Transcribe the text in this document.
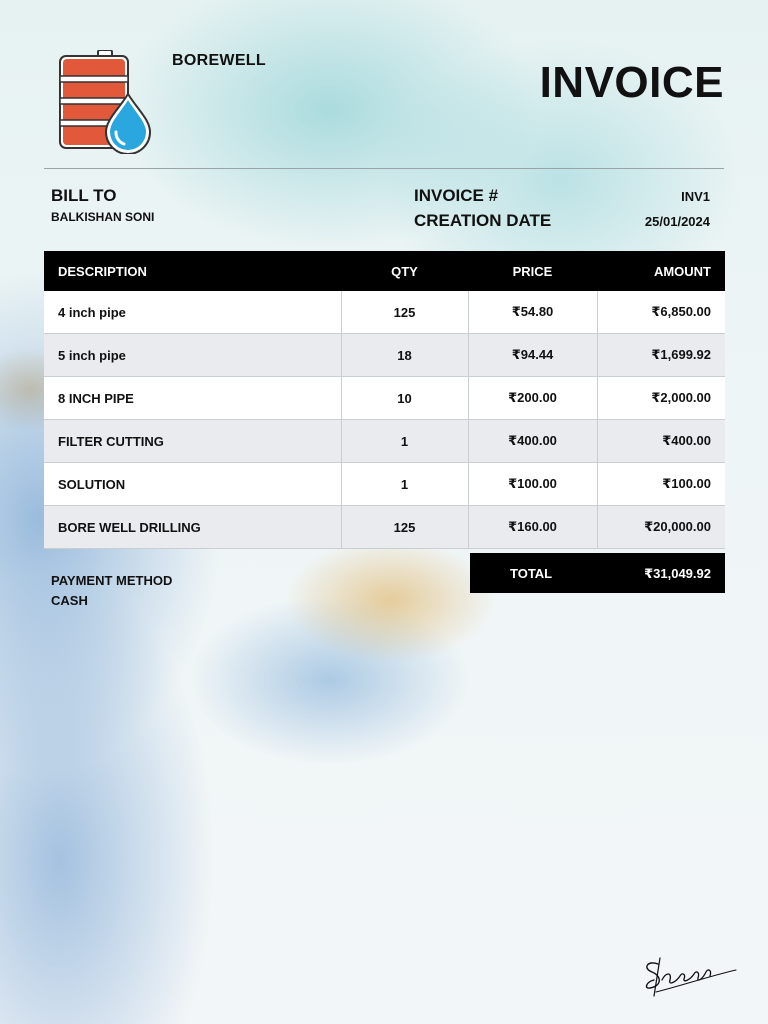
BOREWELL	INVOICE
BILL TO
BALKISHAN SONI
INVOICE #	INV1
CREATION DATE	25/01/2024
DESCRIPTION	QTY	PRICE	AMOUNT
4 inch pipe	125	₹54.80	₹6,850.00
5 inch pipe	18	₹94.44	₹1,699.92
8 INCH PIPE	10	₹200.00	₹2,000.00
FILTER CUTTING	1	₹400.00	₹400.00
SOLUTION	1	₹100.00	₹100.00
BORE WELL DRILLING	125	₹160.00	₹20,000.00
TOTAL	₹31,049.92
PAYMENT METHOD
CASH
